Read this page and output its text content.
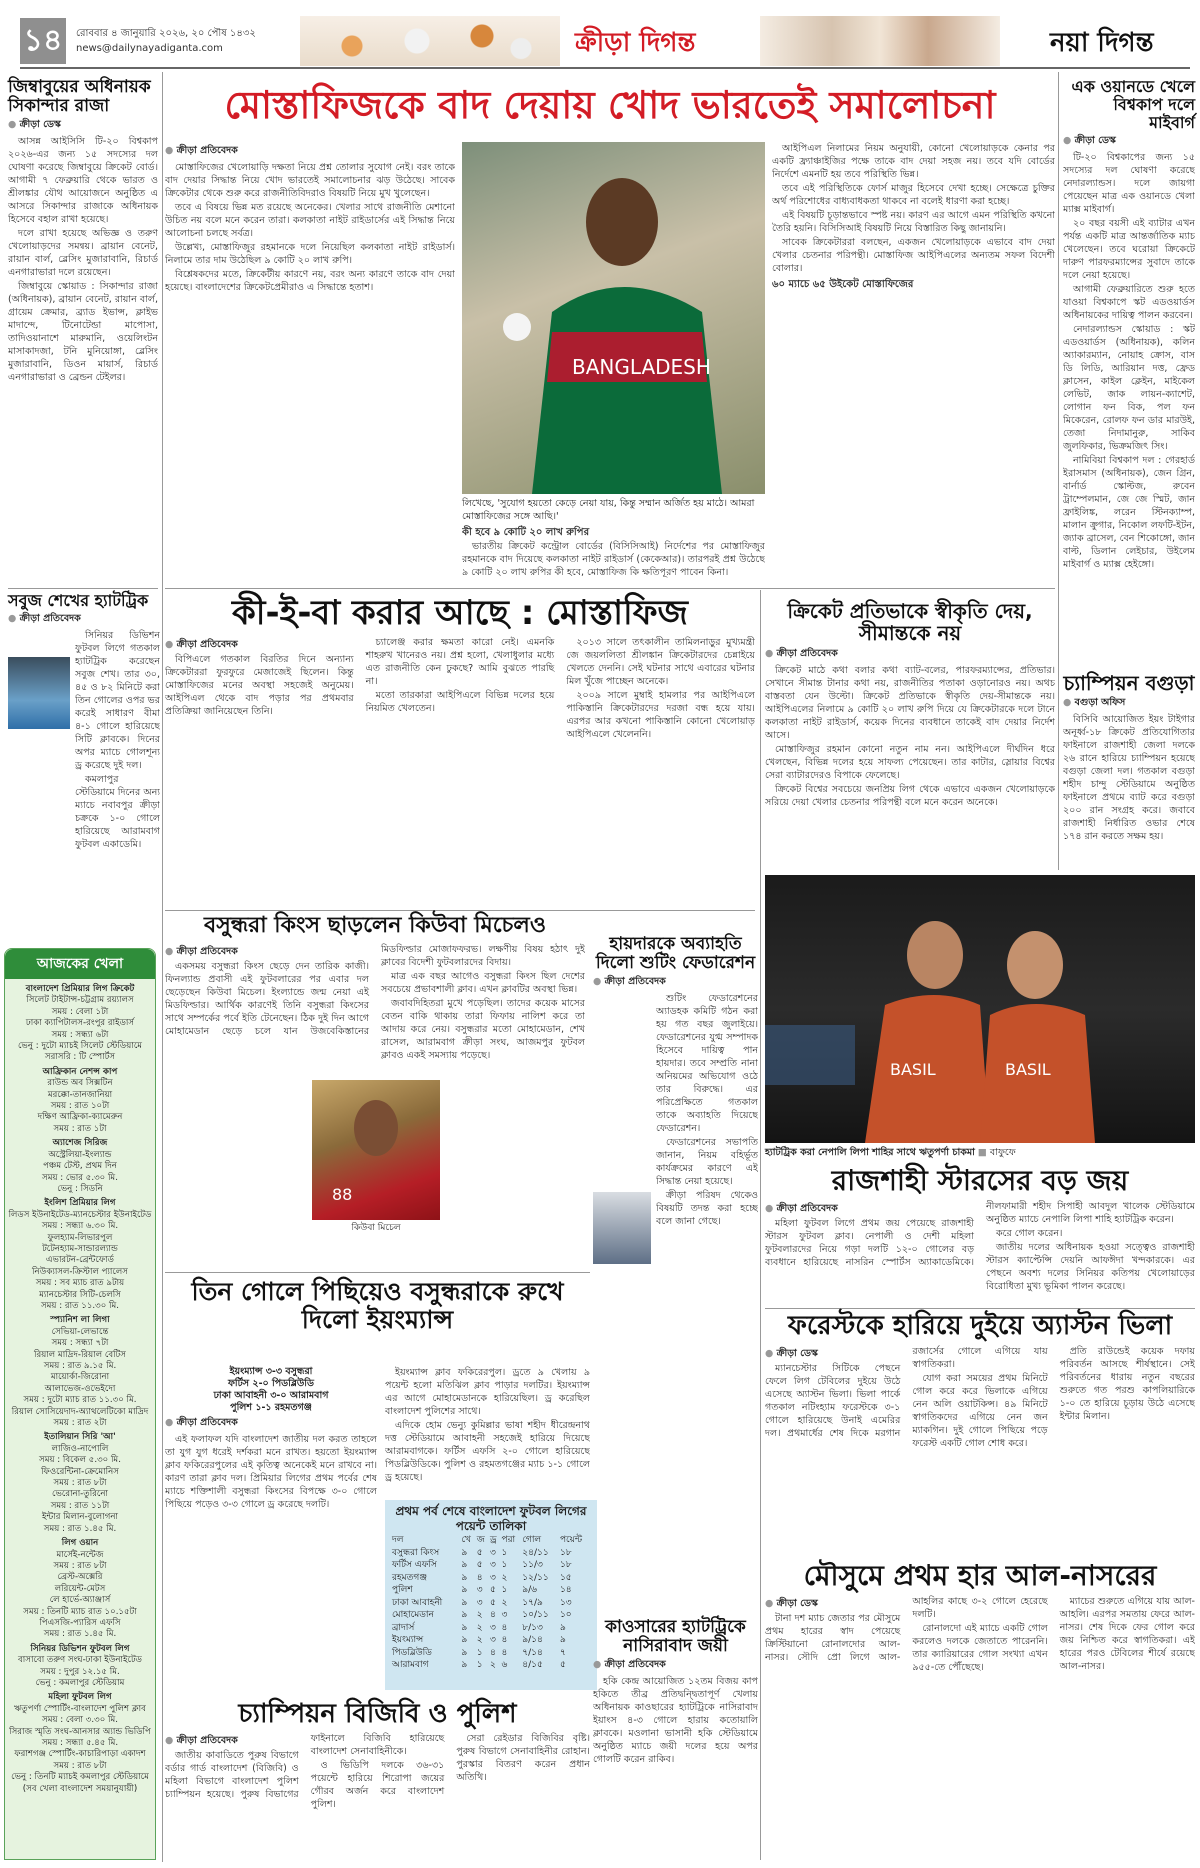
১৪	রোববার ৪ জানুয়ারি ২০২৬, ২০ পৌষ ১৪৩২
news@dailynayadiganta.com	ক্রীড়া দিগন্ত	নয়া দিগন্ত
মোস্তাফিজকে বাদ দেয়ায় খোদ ভারতেই সমালোচনা
জিম্বাবুয়ের অধিনায়ক সিকান্দার রাজা
● ক্রীড়া ডেস্ক

আসন্ন আইসিসি টি-২০ বিশ্বকাপ ২০২৬-এর জন্য ১৫ সদস্যের দল ঘোষণা করেছে জিম্বাবুয়ে ক্রিকেট বোর্ড। আগামী ৭ ফেব্রুয়ারি থেকে ভারত ও শ্রীলঙ্কার যৌথ আয়োজনে অনুষ্ঠিত এ আসরে সিকান্দার রাজাকে অধিনায়ক হিসেবে বহাল রাখা হয়েছে।

দলে রাখা হয়েছে অভিজ্ঞ ও তরুণ খেলোয়াড়দের সমন্বয়। ব্রায়ান বেনেট, রায়ান বার্ল, ব্লেসিং মুজারাবানি, রিচার্ড এনগারাভারা দলে রয়েছেন।

জিম্বাবুয়ে স্কোয়াড : সিকান্দার রাজা (অধিনায়ক), ব্রায়ান বেনেট, রায়ান বার্ল, গ্রায়েম ক্রেমার, ব্র্যাড ইভান্স, ক্লাইভ মাদান্দে, টিনোটেন্ডা মাপোসা, তাদিওয়ানাশে মারুমানি, ওয়েলিংটন মাসাকাদজা, টনি মুনিয়োঙ্গা, ব্লেসিং মুজারাবানি, ডিওন মায়ার্স, রিচার্ড এনগারাভারা ও ব্রেন্ডন টেইলর।

সবুজ শেখের হ্যাটট্রিক
● ক্রীড়া প্রতিবেদক

সিনিয়র ডিভিশন ফুটবল লিগে গতকাল হ্যাটট্রিক করেছেন সবুজ শেখ। তার ৩০, ৪৫ ও ৮২ মিনিটে করা তিন গোলের ওপর ভর করেই সাধারণ বীমা ৪-১ গোলে হারিয়েছে সিটি ক্লাবকে। দিনের অপর ম্যাচে গোলশূন্য ড্র করেছে দুই দল।

কমলাপুর স্টেডিয়ামে দিনের অন্য ম্যাচে নবাবপুর ক্রীড়া চক্রকে ১-০ গোলে হারিয়েছে আরামবাগ ফুটবল একাডেমি।

আজকের খেলা
বাংলাদেশ প্রিমিয়ার লিগ ক্রিকেট
সিলেট টাইটান্স-চট্টগ্রাম রয়্যালস
সময় : বেলা ১টা
ঢাকা ক্যাপিটালস-রংপুর রাইডার্স
সময় : সন্ধ্যা ৬টা
ভেনু : দুটো ম্যাচই সিলেট স্টেডিয়ামে
সরাসরি : টি স্পোর্টস
আফ্রিকান নেশন্স কাপ
রাউন্ড অব সিক্সটিন
মরক্কো-তানজানিয়া
সময় : রাত ১০টা
দক্ষিণ আফ্রিকা-ক্যামেরুন
সময় : রাত ১টা
অ্যাশেজ সিরিজ
অস্ট্রেলিয়া-ইংল্যান্ড
পঞ্চম টেস্ট, প্রথম দিন
সময় : ভোর ৫.৩০ মি.
ভেনু : সিডনি
ইংলিশ প্রিমিয়ার লিগ
লিডস ইউনাইটেড-ম্যানচেস্টার ইউনাইটেড
সময় : সন্ধ্যা ৬.৩০ মি.
ফুলহ্যাম-লিভারপুল
টটেনহ্যাম-সান্ডারল্যান্ড
এভারটন-ব্রেন্টফোর্ড
নিউক্যাসল-ক্রিস্টাল প্যালেস
সময় : সব ম্যাচ রাত ৯টায়
ম্যানচেস্টার সিটি-চেলসি
সময় : রাত ১১.৩০ মি.
স্প্যানিশ লা লিগা
সেভিয়া-লেভান্তে
সময় : সন্ধ্যা ৭টা
রিয়াল মাদ্রিদ-রিয়াল বেটিস
সময় : রাত ৯.১৫ মি.
মায়োর্কা-জিরোনা
আলাভেজ-ওভেইদো
সময় : দুটো ম্যাচ রাত ১১.৩০ মি.
রিয়াল সোসিয়েদাদ-অ্যাথলেটিকো মাদ্রিদ
সময় : রাত ২টা
ইতালিয়ান সিরি 'আ'
লাজিও-নাপোলি
সময় : বিকেল ৫.৩০ মি.
ফিওরেন্টিনা-ক্রেমোনিস
সময় : রাত ৮টা
ভেরোনা-তুরিনো
সময় : রাত ১১টা
ইন্টার মিলান-বুলোগনা
সময় : রাত ১.৪৫ মি.
লিগ ওয়ান
মার্সেই-নন্টেজ
সময় : রাত ৮টা
ব্রেস্ট-অক্সেরি
লরিয়েন্ট-মেটস
লে হার্ভে-অ্যাঞ্জার্স
সময় : তিনটি ম্যাচ রাত ১০.১৫টা
পিএসজি-প্যারিস এফসি
সময় : রাত ১.৪৫ মি.
সিনিয়র ডিভিশন ফুটবল লিগ
বাসাবো তরুণ সংঘ-ঢাকা ইউনাইটেড
সময় : দুপুর ১২.১৫ মি.
ভেনু : কমলাপুর স্টেডিয়াম
মহিলা ফুটবল লিগ
ঋতুপর্ণা স্পোর্টিং-বাংলাদেশ পুলিশ ক্লাব
সময় : বেলা ৩.৩০ মি.
সিরাজ স্মৃতি সংঘ-আনসার অ্যান্ড ভিডিপি
সময় : সন্ধ্যা ৫.৪৫ মি.
ফরাশগঞ্জ স্পোর্টিং-কাচারিপাড়া একাদশ
সময় : রাত ৮টা
ভেনু : তিনটি ম্যাচই কমলাপুর স্টেডিয়ামে
(সব খেলা বাংলাদেশ সময়ানুযায়ী)
● ক্রীড়া প্রতিবেদক

মোস্তাফিজের খেলোয়াড়ি দক্ষতা নিয়ে প্রশ্ন তোলার সুযোগ নেই। বরং তাকে বাদ দেয়ার সিদ্ধান্ত নিয়ে খোদ ভারতেই সমালোচনার ঝড় উঠেছে। সাবেক ক্রিকেটার থেকে শুরু করে রাজনীতিবিদরাও বিষয়টি নিয়ে মুখ খুলেছেন।

তবে এ বিষয়ে ভিন্ন মত রয়েছে অনেকের। খেলার সাথে রাজনীতি মেশানো উচিত নয় বলে মনে করেন তারা। কলকাতা নাইট রাইডার্সের এই সিদ্ধান্ত নিয়ে আলোচনা চলছে সর্বত্র।

উল্লেখ্য, মোস্তাফিজুর রহমানকে দলে নিয়েছিল কলকাতা নাইট রাইডার্স। নিলামে তার দাম উঠেছিল ৯ কোটি ২০ লাখ রুপি।

বিশ্লেষকদের মতে, ক্রিকেটীয় কারণে নয়, বরং অন্য কারণে তাকে বাদ দেয়া হয়েছে। বাংলাদেশের ক্রিকেটপ্রেমীরাও এ সিদ্ধান্তে হতাশ।

BANGLADESH
লিখেছে, 'সুযোগ হয়তো কেড়ে নেয়া যায়, কিন্তু সম্মান অর্জিত হয় মাঠে। আমরা মোস্তাফিজের সঙ্গে আছি।'
কী হবে ৯ কোটি ২০ লাখ রুপির

ভারতীয় ক্রিকেট কন্ট্রোল বোর্ডের (বিসিসিআই) নির্দেশের পর মোস্তাফিজুর রহমানকে বাদ দিয়েছে কলকাতা নাইট রাইডার্স (কেকেআর)। তারপরই প্রশ্ন উঠেছে ৯ কোটি ২০ লাখ রুপির কী হবে, মোস্তাফিজ কি ক্ষতিপূরণ পাবেন কিনা।

আইপিএল নিলামের নিয়ম অনুযায়ী, কোনো খেলোয়াড়কে কেনার পর একটি ফ্র্যাঞ্চাইজির পক্ষে তাকে বাদ দেয়া সহজ নয়। তবে যদি বোর্ডের নির্দেশে এমনটি হয় তবে পরিস্থিতি ভিন্ন।

তবে এই পরিস্থিতিকে ফোর্স মাজুর হিসেবে দেখা হচ্ছে। সেক্ষেত্রে চুক্তির অর্থ পরিশোধের বাধ্যবাধকতা থাকবে না বলেই ধারণা করা হচ্ছে।

এই বিষয়টি চূড়ান্তভাবে স্পষ্ট নয়। কারণ এর আগে এমন পরিস্থিতি কখনো তৈরি হয়নি। বিসিসিআই বিষয়টি নিয়ে বিস্তারিত কিছু জানায়নি।

সাবেক ক্রিকেটাররা বলছেন, একজন খেলোয়াড়কে এভাবে বাদ দেয়া খেলার চেতনার পরিপন্থী। মোস্তাফিজ আইপিএলের অন্যতম সফল বিদেশী বোলার।

৬০ ম্যাচে ৬৫ উইকেট মোস্তাফিজের
এক ওয়ানডে খেলে বিশ্বকাপ দলে মাইবার্গ
● ক্রীড়া ডেস্ক

টি-২০ বিশ্বকাপের জন্য ১৫ সদস্যের দল ঘোষণা করেছে নেদারল্যান্ডস। দলে জায়গা পেয়েছেন মাত্র এক ওয়ানডে খেলা ম্যাক্স মাইবার্গ।

২০ বছর বয়সী এই ব্যাটার এখন পর্যন্ত একটি মাত্র আন্তর্জাতিক ম্যাচ খেলেছেন। তবে ঘরোয়া ক্রিকেটে দারুণ পারফরম্যান্সের সুবাদে তাকে দলে নেয়া হয়েছে।

আগামী ফেব্রুয়ারিতে শুরু হতে যাওয়া বিশ্বকাপে স্কট এডওয়ার্ডস অধিনায়কের দায়িত্ব পালন করবেন।

নেদারল্যান্ডস স্কোয়াড : স্কট এডওয়ার্ডস (অধিনায়ক), কলিন অ্যাকারম্যান, নোয়াহ ক্রোস, বাস ডি লিডি, আরিয়ান দত্ত, ফ্রেড ক্লাসেন, কাইল ক্লেইন, মাইকেল লেভিট, জাক লায়ন-ক্যাশেট, লোগান ফন বিক, পল ফন মিকেরেন, রোলফ ফন ডার মারউই, তেজা নিদামানুরু, সাকিব জুলফিকার, ভিক্রমজিৎ সিং।

নামিবিয়া বিশ্বকাপ দল : গেরহার্ড ইরাসমাস (অধিনায়ক), জেন গ্রিন, বার্নার্ড স্কোল্টজ, রুবেন ট্রাম্পেলমান, জে জে স্মিট, জান ফ্রাইলিঙ্ক, লরেন স্টিনক্যাম্প, মালান ক্রুগার, নিকোল লফটি-ইটন, জ্যাক ব্রাসেল, বেন শিকোঙ্গো, জান বাল্ট, ডিলান লেইচার, উইলেম মাইবার্গ ও ম্যাক্স হেইঙ্গো।

চ্যাম্পিয়ন বগুড়া
● বগুড়া অফিস

বিসিবি আয়োজিত ইয়ং টাইগার অনূর্ধ্ব-১৮ ক্রিকেট প্রতিযোগিতার ফাইনালে রাজশাহী জেলা দলকে ২৬ রানে হারিয়ে চ্যাম্পিয়ন হয়েছে বগুড়া জেলা দল। গতকাল বগুড়া শহীদ চান্দু স্টেডিয়ামে অনুষ্ঠিত ফাইনালে প্রথমে ব্যাট করে বগুড়া ২০০ রান সংগ্রহ করে। জবাবে রাজশাহী নির্ধারিত ওভার শেষে ১৭৪ রান করতে সক্ষম হয়।

কী-ই-বা করার আছে : মোস্তাফিজ
● ক্রীড়া প্রতিবেদক

বিপিএলে গতকাল বিরতির দিনে অন্যান্য ক্রিকেটাররা ফুরফুরে মেজাজেই ছিলেন। কিন্তু মোস্তাফিজের মনের অবস্থা সহজেই অনুমেয়। আইপিএল থেকে বাদ পড়ার পর প্রথমবার প্রতিক্রিয়া জানিয়েছেন তিনি।

চ্যালেঞ্জ করার ক্ষমতা কারো নেই। এমনকি শাহরুখ খানেরও নয়। প্রশ্ন হলো, খেলাধুলার মধ্যে এত রাজনীতি কেন ঢুকছে? আমি বুঝতে পারছি না।

মতো তারকারা আইপিএলে বিভিন্ন দলের হয়ে নিয়মিত খেলতেন।

২০১৩ সালে তৎকালীন তামিলনাড়ুর মুখ্যমন্ত্রী জে জয়ললিতা শ্রীলঙ্কান ক্রিকেটারদের চেন্নাইয়ে খেলতে দেননি। সেই ঘটনার সাথে এবারের ঘটনার মিল খুঁজে পাচ্ছেন অনেকে।

২০০৯ সালে মুম্বাই হামলার পর আইপিএলে পাকিস্তানি ক্রিকেটারদের দরজা বন্ধ হয়ে যায়। এরপর আর কখনো পাকিস্তানি কোনো খেলোয়াড় আইপিএলে খেলেননি।

ক্রিকেট প্রতিভাকে স্বীকৃতি দেয়, সীমান্তকে নয়
● ক্রীড়া প্রতিবেদক

ক্রিকেট মাঠে কথা বলার কথা ব্যাট-বলের, পারফরম্যান্সের, প্রতিভার। সেখানে সীমান্ত টানার কথা নয়, রাজনীতির পতাকা ওড়ানোরও নয়। অথচ বাস্তবতা যেন উল্টো। ক্রিকেট প্রতিভাকে স্বীকৃতি দেয়-সীমান্তকে নয়। আইপিএলের নিলামে ৯ কোটি ২০ লাখ রুপি দিয়ে যে ক্রিকেটারকে দলে টানে কলকাতা নাইট রাইডার্স, কয়েক দিনের ব্যবধানে তাকেই বাদ দেয়ার নির্দেশ আসে।

মোস্তাফিজুর রহমান কোনো নতুন নাম নন। আইপিএলে দীর্ঘদিন ধরে খেলছেন, বিভিন্ন দলের হয়ে সাফল্য পেয়েছেন। তার কাটার, স্লোয়ার বিশ্বের সেরা ব্যাটারদেরও বিপাকে ফেলেছে।

ক্রিকেট বিশ্বের সবচেয়ে জনপ্রিয় লিগ থেকে এভাবে একজন খেলোয়াড়কে সরিয়ে দেয়া খেলার চেতনার পরিপন্থী বলে মনে করেন অনেকে।

BASIL	BASIL
হ্যাটট্রিক করা নেপালি লিপা শাহির সাথে ঋতুপর্ণা চাকমা ■ বাফুফে
রাজশাহী স্টারসের বড় জয়
● ক্রীড়া প্রতিবেদক

মহিলা ফুটবল লিগে প্রথম জয় পেয়েছে রাজশাহী স্টারস ফুটবল ক্লাব। নেপালী ও দেশী মহিলা ফুটবলারদের নিয়ে গড়া দলটি ১২-০ গোলের বড় ব্যবধানে হারিয়েছে নাসরিন স্পোর্টস অ্যাকাডেমিকে। নীলফামারী শহীদ সিপাহী আবদুল খালেক স্টেডিয়ামে অনুষ্ঠিত ম্যাচে নেপালি লিপা শাহি হ্যাটট্রিক করেন।

করে গোল করেন।

জাতীয় দলের অধিনায়ক হওয়া সত্ত্বেও রাজশাহী স্টারস ক্যাপ্টেন্সি দেয়নি আফঈদা খন্দকারকে। এর পেছনে অবশ্য দলের সিনিয়র কতিপয় খেলোয়াড়ের বিরোধিতা মুখ্য ভূমিকা পালন করেছে।

ফরেস্টকে হারিয়ে দুইয়ে অ্যাস্টন ভিলা
● ক্রীড়া ডেস্ক

ম্যানচেস্টার সিটিকে পেছনে ফেলে লিগ টেবিলের দুইয়ে উঠে এসেছে অ্যাস্টন ভিলা। ভিলা পার্কে গতকাল নটিংহ্যাম ফরেস্টকে ৩-১ গোলে হারিয়েছে উনাই এমেরির দল। প্রথমার্ধের শেষ দিকে মরগান রজার্সের গোলে এগিয়ে যায় স্বাগতিকরা।

যোগ করা সময়ের প্রথম মিনিটে গোল করে করে ভিলাকে এগিয়ে নেন অলি ওয়াটকিন্স। ৪৯ মিনিটে স্বাগতিকদের এগিয়ে নেন জন ম্যাকগিন। দুই গোলে পিছিয়ে পড়ে ফরেস্ট একটি গোল শোধ করে।

প্রতি রাউন্ডেই কয়েক দফায় পরিবর্তন আসছে শীর্ষস্থানে। সেই পরিবর্তনের ধারায় নতুন বছরের শুরুতে গত পরশু কাপলিয়ারিকে ১-০ তে হারিয়ে চূড়ায় উঠে এসেছে ইন্টার মিলান।

মৌসুমে প্রথম হার আল-নাসরের
● ক্রীড়া ডেস্ক

টানা দশ ম্যাচ জেতার পর মৌসুমে প্রথম হারের স্বাদ পেয়েছে ক্রিস্টিয়ানো রোনালদোর আল-নাসর। সৌদি প্রো লিগে আল-আহলির কাছে ৩-২ গোলে হেরেছে দলটি।

রোনালদো এই ম্যাচে একটি গোল করলেও দলকে জেতাতে পারেননি। তার ক্যারিয়ারের গোল সংখ্যা এখন ৯৫৫-তে পৌঁছেছে।

ম্যাচের শুরুতে এগিয়ে যায় আল-আহলি। এরপর সমতায় ফেরে আল-নাসর। শেষ দিকে ফের গোল করে জয় নিশ্চিত করে স্বাগতিকরা। এই হারের পরও টেবিলের শীর্ষে রয়েছে আল-নাসর।

বসুন্ধরা কিংস ছাড়লেন কিউবা মিচেলও
● ক্রীড়া প্রতিবেদক

একসময় বসুন্ধরা কিংস ছেড়ে দেন তারিক কাজী। ফিনল্যান্ড প্রবাসী এই ফুটবলারের পর এবার দল ছেড়েছেন কিউবা মিচেল। ইংল্যান্ডে জন্ম নেয়া এই মিডফিল্ডার। আর্থিক কারণেই তিনি বসুন্ধরা কিংসের সাথে সম্পর্কের পর্বে ইতি টেনেছেন। ঠিক দুই দিন আগে মোহামেডান ছেড়ে চলে যান উজবেকিস্তানের মিডফিল্ডার মোজাফফরভ। লক্ষণীয় বিষয় হঠাৎ দুই ক্লাবের বিদেশী ফুটবলারদের বিদায়।

মাত্র এক বছর আগেও বসুন্ধরা কিংস ছিল দেশের সবচেয়ে প্রভাবশালী ক্লাব। এখন ক্লাবটির অবস্থা ভিন্ন।

জবাবদিহিতরা মুখে পড়েছিল। তাদের কয়েক মাসের বেতন বাকি থাকায় তারা ফিফায় নালিশ করে তা আদায় করে নেয়। বসুন্ধরার মতো মোহামেডান, শেখ রাসেল, আরামবাগ ক্রীড়া সংঘ, আজমপুর ফুটবল ক্লাবও একই সমস্যায় পড়েছে।

88
কিউবা মিচেল
হায়দারকে অব্যাহতি দিলো শুটিং ফেডারেশন
● ক্রীড়া প্রতিবেদক

শুটিং ফেডারেশনের অ্যাডহক কমিটি গঠন করা হয় গত বছর জুলাইয়ে। ফেডারেশনের যুগ্ম সম্পাদক হিসেবে দায়িত্ব পান হায়দার। তবে সম্প্রতি নানা অনিয়মের অভিযোগ ওঠে তার বিরুদ্ধে। এর পরিপ্রেক্ষিতে গতকাল তাকে অব্যাহতি দিয়েছে ফেডারেশন।

ফেডারেশনের সভাপতি জানান, নিয়ম বহির্ভূত কার্যক্রমের কারণে এই সিদ্ধান্ত নেয়া হয়েছে।

ক্রীড়া পরিষদ থেকেও বিষয়টি তদন্ত করা হচ্ছে বলে জানা গেছে।

তিন গোলে পিছিয়েও বসুন্ধরাকে রুখে দিলো ইয়ংম্যান্স
ইয়ংম্যান্স ৩-৩ বসুন্ধরা
ফর্টিস ২-০ পিডব্লিউডি
ঢাকা আবাহনী ৩-০ আরামবাগ
পুলিশ ১-১ রহমতগঞ্জ
● ক্রীড়া প্রতিবেদক

এই ফলাফল যদি বাংলাদেশ জাতীয় দল করত তাহলে তা যুগ যুগ ধরেই দর্শকরা মনে রাখত। হয়তো ইয়ংম্যান্স ক্লাব ফকিরেরপুলের এই কৃতিত্ব অনেকেই মনে রাখবে না। কারণ তারা ক্লাব দল। প্রিমিয়ার লিগের প্রথম পর্বের শেষ ম্যাচে শক্তিশালী বসুন্ধরা কিংসের বিপক্ষে ৩-০ গোলে পিছিয়ে পড়েও ৩-৩ গোলে ড্র করেছে দলটি।

ইয়ংম্যান্স ক্লাব ফকিরেরপুল। ড্রতে ৯ খেলায় ৯ পয়েন্ট হলো মতিঝিল ক্লাব পাড়ার দলটির। ইয়ংম্যান্স এর আগে মোহামেডানকে হারিয়েছিল। ড্র করেছিল বাংলাদেশ পুলিশের সাথে।

এদিকে হোম ভেন্যু কুমিল্লার ভাষা শহীদ ধীরেন্দ্রনাথ দত্ত স্টেডিয়ামে আবাহনী সহজেই হারিয়ে দিয়েছে আরামবাগকে। ফর্টিস এফসি ২-০ গোলে হারিয়েছে পিডব্লিউডিকে। পুলিশ ও রহমতগঞ্জের ম্যাচ ১-১ গোলে ড্র হয়েছে।

প্রথম পর্ব শেষে বাংলাদেশ ফুটবল লিগের পয়েন্ট তালিকা
দল	খে	জ	ড্র	পরা	গোল	পয়েন্ট
বসুন্ধরা কিংস	৯	৫	৩	১	২৪/১১	১৮
ফর্টিস এফসি	৯	৫	৩	১	১১/৩	১৮
রহমতগঞ্জ	৯	৪	৩	২	১২/১১	১৫
পুলিশ	৯	৩	৫	১	৯/৬	১৪
ঢাকা আবাহনী	৯	৩	৫	২	১৭/৯	১৩
মোহামেডান	৯	২	৪	৩	১০/১১	১০
ব্রাদার্স	৯	২	৩	৪	৮/১৩	৯
ইয়ংম্যান্স	৯	২	৩	৪	৯/১৪	৯
পিডব্লিউডি	৯	১	৪	৪	৭/১৪	৭
আরামবাগ	৯	১	২	৬	৪/১৫	৫
কাওসারের হ্যাটট্রিকে নাসিরাবাদ জয়ী
● ক্রীড়া প্রতিবেদক

হকি কেন্দ্র আয়োজিত ১২তম বিজয় কাপ হকিতে তীব্র প্রতিদ্বন্দ্বিতাপূর্ণ খেলায় অধিনায়ক কাওছারের হ্যাটট্রিকে নাসিরাবাদ ইয়াংস ৪-৩ গোলে হারায় কতোয়ালি ক্লাবকে। মওলানা ভাসানী হকি স্টেডিয়ামে অনুষ্ঠিত ম্যাচে জয়ী দলের হয়ে অপর গোলটি করেন রাকিব।

চ্যাম্পিয়ন বিজিবি ও পুলিশ
● ক্রীড়া প্রতিবেদক

জাতীয় কাবাডিতে পুরুষ বিভাগে বর্ডার গার্ড বাংলাদেশ (বিজিবি) ও মহিলা বিভাগে বাংলাদেশ পুলিশ চ্যাম্পিয়ন হয়েছে। পুরুষ বিভাগের ফাইনালে বিজিবি হারিয়েছে বাংলাদেশ সেনাবাহিনীকে।

ও ভিডিপি দলকে ৩৬-৩১ পয়েন্টে হারিয়ে শিরোপা জয়ের গৌরব অর্জন করে বাংলাদেশ পুলিশ।

সেরা রেইডার বিজিবির বৃষ্টি। পুরুষ বিভাগে সেনাবাহিনীর রোহান। পুরস্কার বিতরণ করেন প্রধান অতিথি।
